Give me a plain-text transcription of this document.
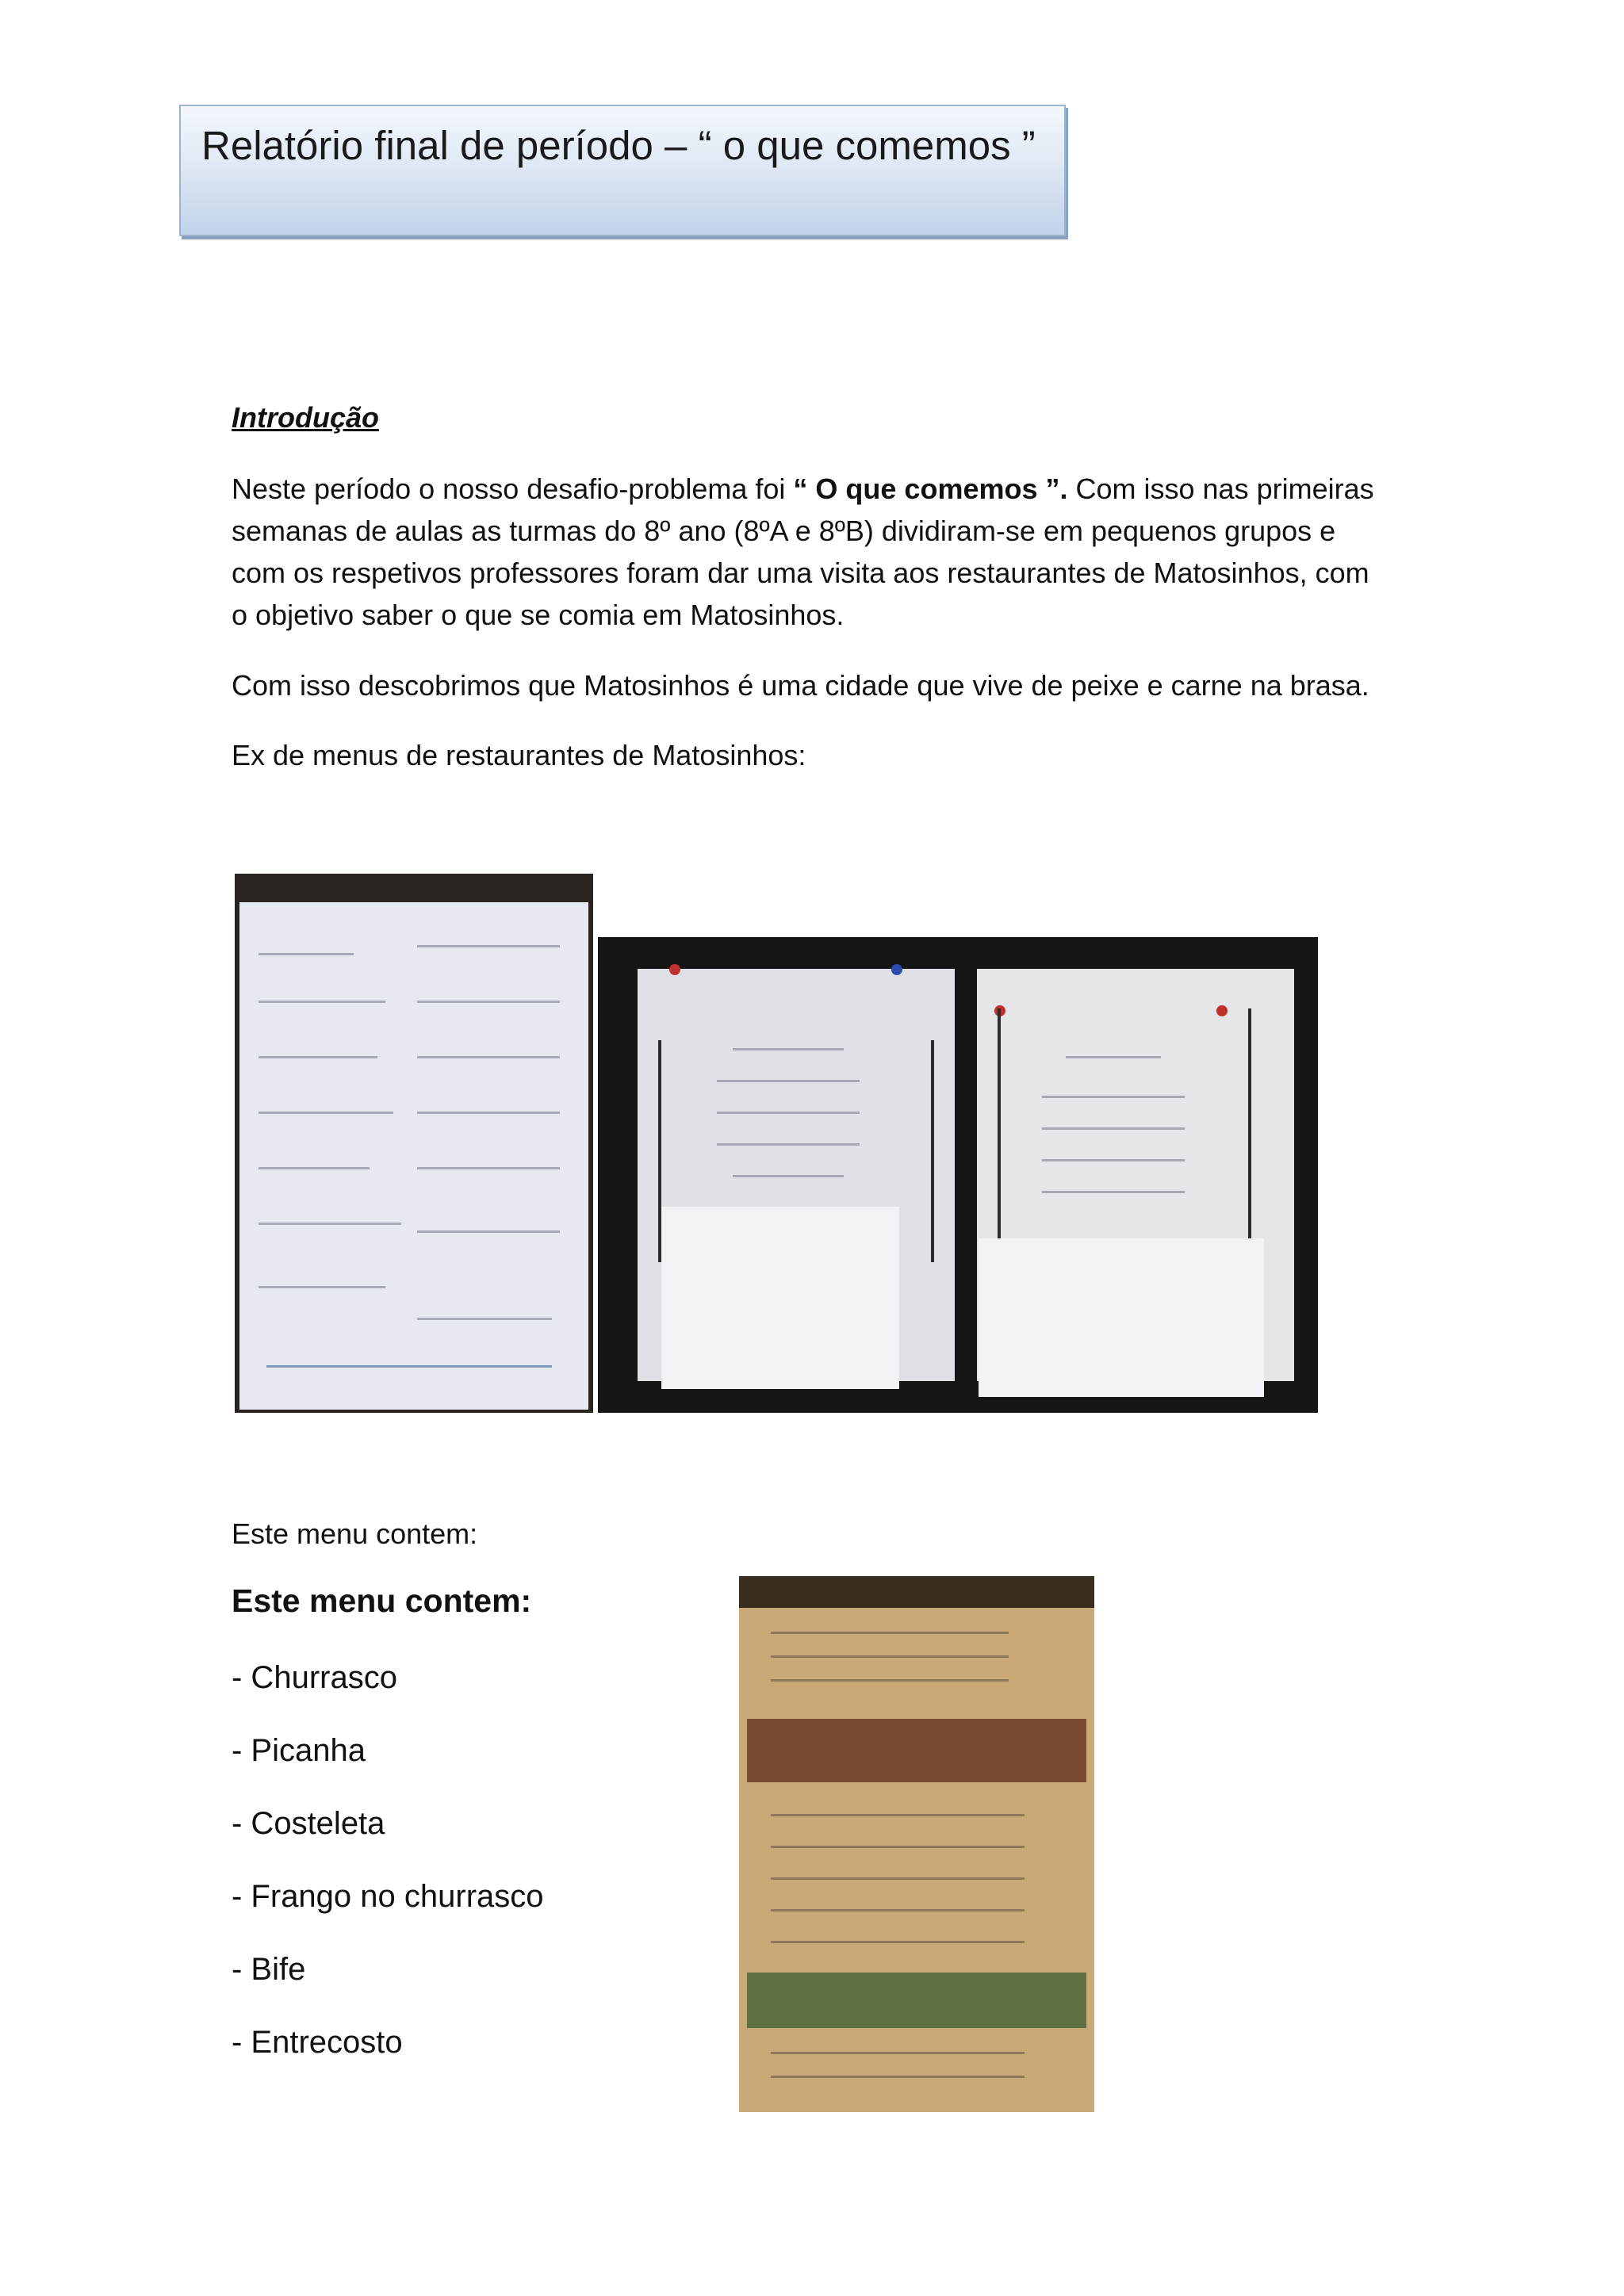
Relatório final de período – “ o que comemos ”
Introdução
Neste período o nosso desafio-problema foi “ O que comemos ”. Com isso nas primeiras semanas de aulas as turmas do 8º ano (8ºA e 8ºB) dividiram-se em pequenos grupos e com os respetivos professores foram dar uma visita aos restaurantes de Matosinhos, com o objetivo saber o que se comia em Matosinhos.
Com isso descobrimos que Matosinhos é uma cidade que vive de peixe e carne na brasa.
Ex de menus de restaurantes de Matosinhos:
Este menu contem:
Este menu contem:
- Churrasco
- Picanha
- Costeleta
- Frango no churrasco
- Bife
- Entrecosto
